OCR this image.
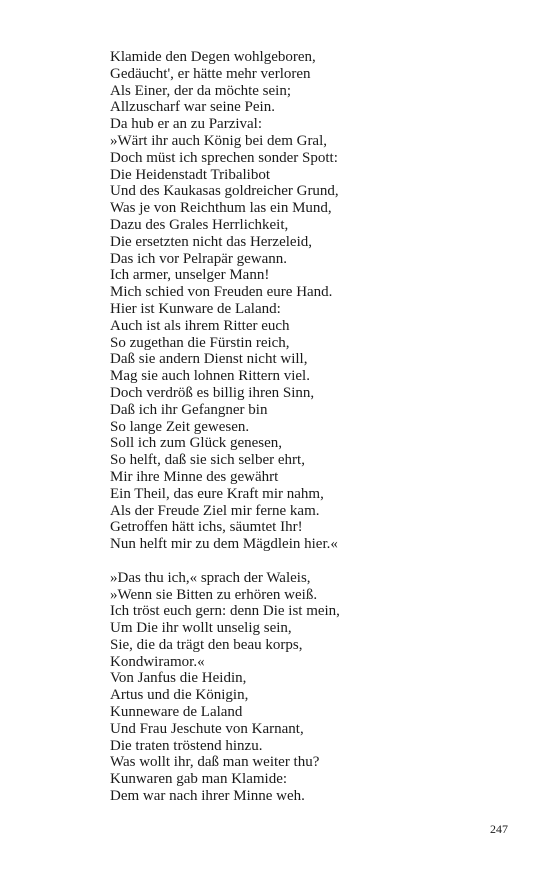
Klamide den Degen wohlgeboren,
Gedäucht', er hätte mehr verloren
Als Einer, der da möchte sein;
Allzuscharf war seine Pein.
Da hub er an zu Parzival:
»Wärt ihr auch König bei dem Gral,
Doch müst ich sprechen sonder Spott:
Die Heidenstadt Tribalibot
Und des Kaukasas goldreicher Grund,
Was je von Reichthum las ein Mund,
Dazu des Grales Herrlichkeit,
Die ersetzten nicht das Herzeleid,
Das ich vor Pelrapär gewann.
Ich armer, unselger Mann!
Mich schied von Freuden eure Hand.
Hier ist Kunware de Laland:
Auch ist als ihrem Ritter euch
So zugethan die Fürstin reich,
Daß sie andern Dienst nicht will,
Mag sie auch lohnen Rittern viel.
Doch verdröß es billig ihren Sinn,
Daß ich ihr Gefangner bin
So lange Zeit gewesen.
Soll ich zum Glück genesen,
So helft, daß sie sich selber ehrt,
Mir ihre Minne des gewährt
Ein Theil, das eure Kraft mir nahm,
Als der Freude Ziel mir ferne kam.
Getroffen hätt ichs, säumtet Ihr!
Nun helft mir zu dem Mägdlein hier.«
»Das thu ich,« sprach der Waleis,
»Wenn sie Bitten zu erhören weiß.
Ich tröst euch gern: denn Die ist mein,
Um Die ihr wollt unselig sein,
Sie, die da trägt den beau korps,
Kondwiramor.«
Von Janfus die Heidin,
Artus und die Königin,
Kunneware de Laland
Und Frau Jeschute von Karnant,
Die traten tröstend hinzu.
Was wollt ihr, daß man weiter thu?
Kunwaren gab man Klamide:
Dem war nach ihrer Minne weh.
247
